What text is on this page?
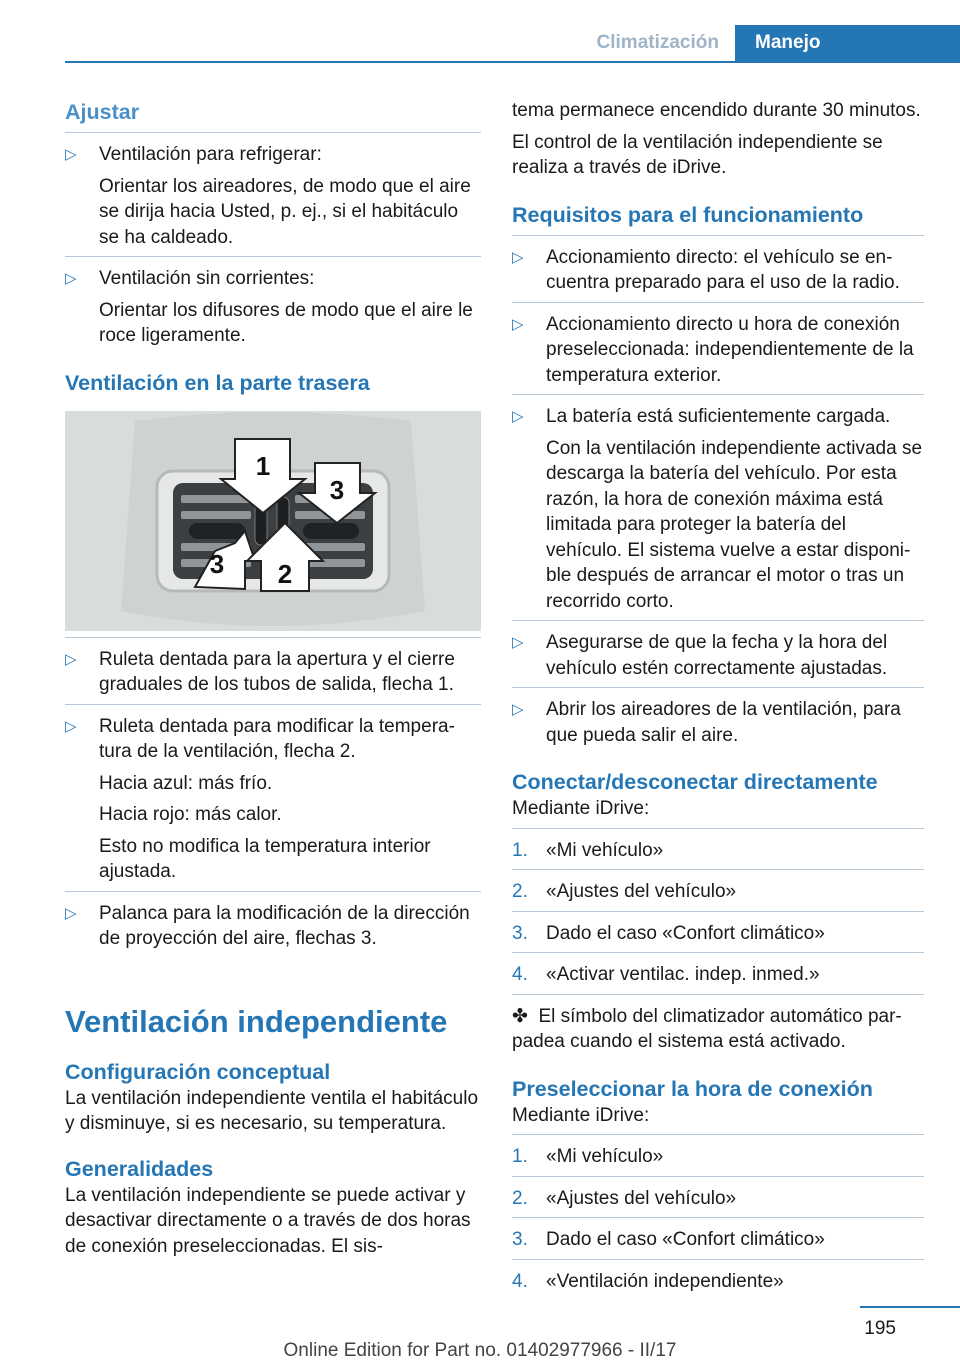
Climatización	Manejo
Ajustar

▷ Ventilación para refrigerar:

Orientar los aireadores, de modo que el aire se dirija hacia Usted, p. ej., si el habitáculo se ha caldeado.

▷ Ventilación sin corrientes:

Orientar los difusores de modo que el aire le roce ligeramente.

Ventilación en la parte trasera
1
3
3 2

▷ Ruleta dentada para la apertura y el cierre graduales de los tubos de salida, flecha 1.

▷ Ruleta dentada para modificar la temperatura de la ventilación, flecha 2.

Hacia azul: más frío.

Hacia rojo: más calor.

Esto no modifica la temperatura interior ajustada.

▷ Palanca para la modificación de la dirección de proyección del aire, flechas 3.

Ventilación independiente
Configuración conceptual

La ventilación independiente ventila el habitáculo y disminuye, si es necesario, su temperatura.

Generalidades

La ventilación independiente se puede activar y desactivar directamente o a través de dos horas de conexión preseleccionadas. El sis-

tema permanece encendido durante 30 minutos.

El control de la ventilación independiente se realiza a través de iDrive.

Requisitos para el funcionamiento

▷ Accionamiento directo: el vehículo se encuentra preparado para el uso de la radio.

▷ Accionamiento directo u hora de conexión preseleccionada: independientemente de la temperatura exterior.

▷ La batería está suficientemente cargada.

Con la ventilación independiente activada se descarga la batería del vehículo. Por esta razón, la hora de conexión máxima está limitada para proteger la batería del vehículo. El sistema vuelve a estar disponible después de arrancar el motor o tras un recorrido corto.

▷ Asegurarse de que la fecha y la hora del vehículo estén correctamente ajustadas.

▷ Abrir los aireadores de la ventilación, para que pueda salir el aire.

Conectar/desconectar directamente

Mediante iDrive:

1. «Mi vehículo»
2. «Ajustes del vehículo»
3. Dado el caso «Confort climático»
4. «Activar ventilac. indep. inmed.»

✤ El símbolo del climatizador automático parpadea cuando el sistema está activado.

Preseleccionar la hora de conexión

Mediante iDrive:

1. «Mi vehículo»
2. «Ajustes del vehículo»
3. Dado el caso «Confort climático»
4. «Ventilación independiente»
195
Online Edition for Part no. 01402977966 - II/17
